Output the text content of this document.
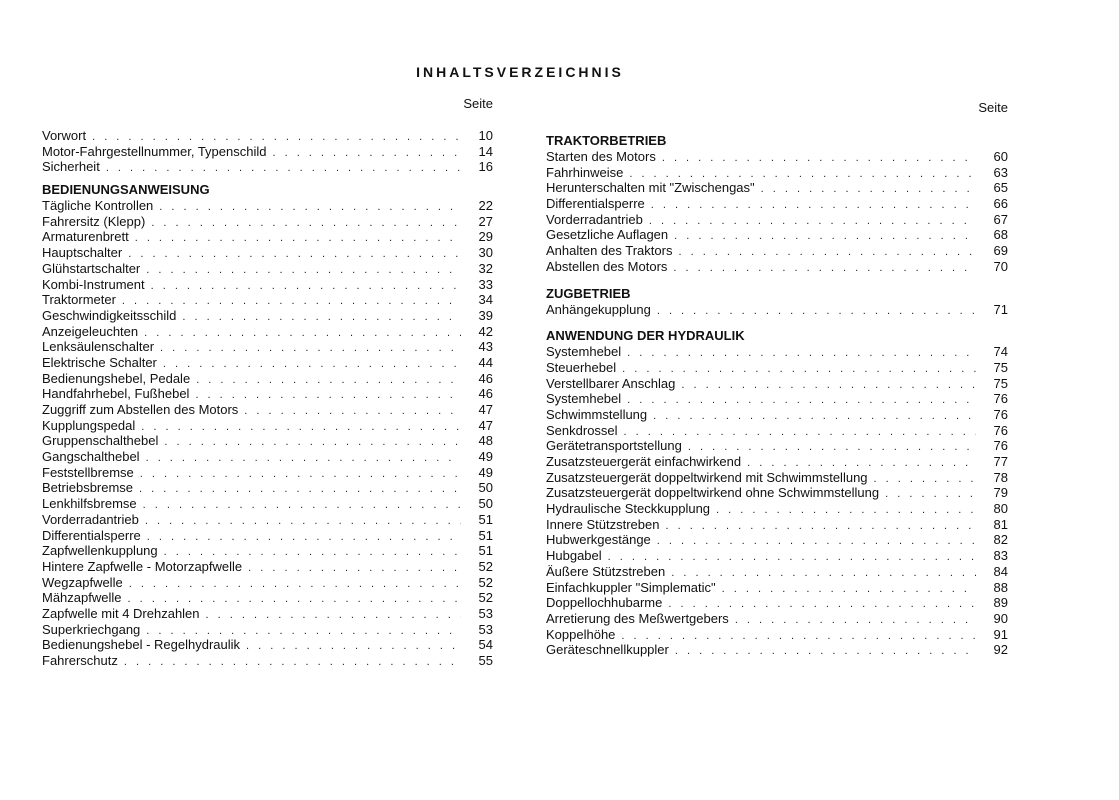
INHALTSVERZEICHNIS
Seite
Vorwort . . .	10
Motor-Fahrgestellnummer, Typenschild . . .	14
Sicherheit . . .	16
BEDIENUNGSANWEISUNG
Tägliche Kontrollen . . .	22
Fahrersitz (Klepp) . . .	27
Armaturenbrett . . .	29
Hauptschalter . . .	30
Glühstartschalter . . .	32
Kombi-Instrument . . .	33
Traktormeter . . .	34
Geschwindigkeitsschild . . .	39
Anzeigeleuchten . . .	42
Lenksäulenschalter . . .	43
Elektrische Schalter . . .	44
Bedienungshebel, Pedale . . .	46
Handfahrhebel, Fußhebel . . .	46
Zuggriff zum Abstellen des Motors . . .	47
Kupplungspedal . . .	47
Gruppenschalthebel . . .	48
Gangschalthebel . . .	49
Feststellbremse . . .	49
Betriebsbremse . . .	50
Lenkhilfsbremse . . .	50
Vorderradantrieb . . .	51
Differentialsperre . . .	51
Zapfwellenkupplung . . .	51
Hintere Zapfwelle - Motorzapfwelle . . .	52
Wegzapfwelle . . .	52
Mähzapfwelle . . .	52
Zapfwelle mit 4 Drehzahlen . . .	53
Superkriechgang . . .	53
Bedienungshebel - Regelhydraulik . . .	54
Fahrerschutz . . .	55
Seite
TRAKTORBETRIEB
Starten des Motors . . .	60
Fahrhinweise . . .	63
Herunterschalten mit "Zwischengas" . . .	65
Differentialsperre . . .	66
Vorderradantrieb . . .	67
Gesetzliche Auflagen . . .	68
Anhalten des Traktors . . .	69
Abstellen des Motors . . .	70
ZUGBETRIEB
Anhängekupplung . . .	71
ANWENDUNG DER HYDRAULIK
Systemhebel . . .	74
Steuerhebel . . .	75
Verstellbarer Anschlag . . .	75
Systemhebel . . .	76
Schwimmstellung . . .	76
Senkdrossel . . .	76
Gerätetransportstellung . . .	76
Zusatzsteuergerät einfachwirkend . . .	77
Zusatzsteuergerät doppeltwirkend mit Schwimmstellung . . .	78
Zusatzsteuergerät doppeltwirkend ohne Schwimmstellung . . .	79
Hydraulische Steckkupplung . . .	80
Innere Stützstreben . . .	81
Hubwerkgestänge . . .	82
Hubgabel . . .	83
Äußere Stützstreben . . .	84
Einfachkuppler "Simplematic" . . .	88
Doppellochhubarme . . .	89
Arretierung des Meßwertgebers . . .	90
Koppelhöhe . . .	91
Geräteschnellkuppler . . .	92
